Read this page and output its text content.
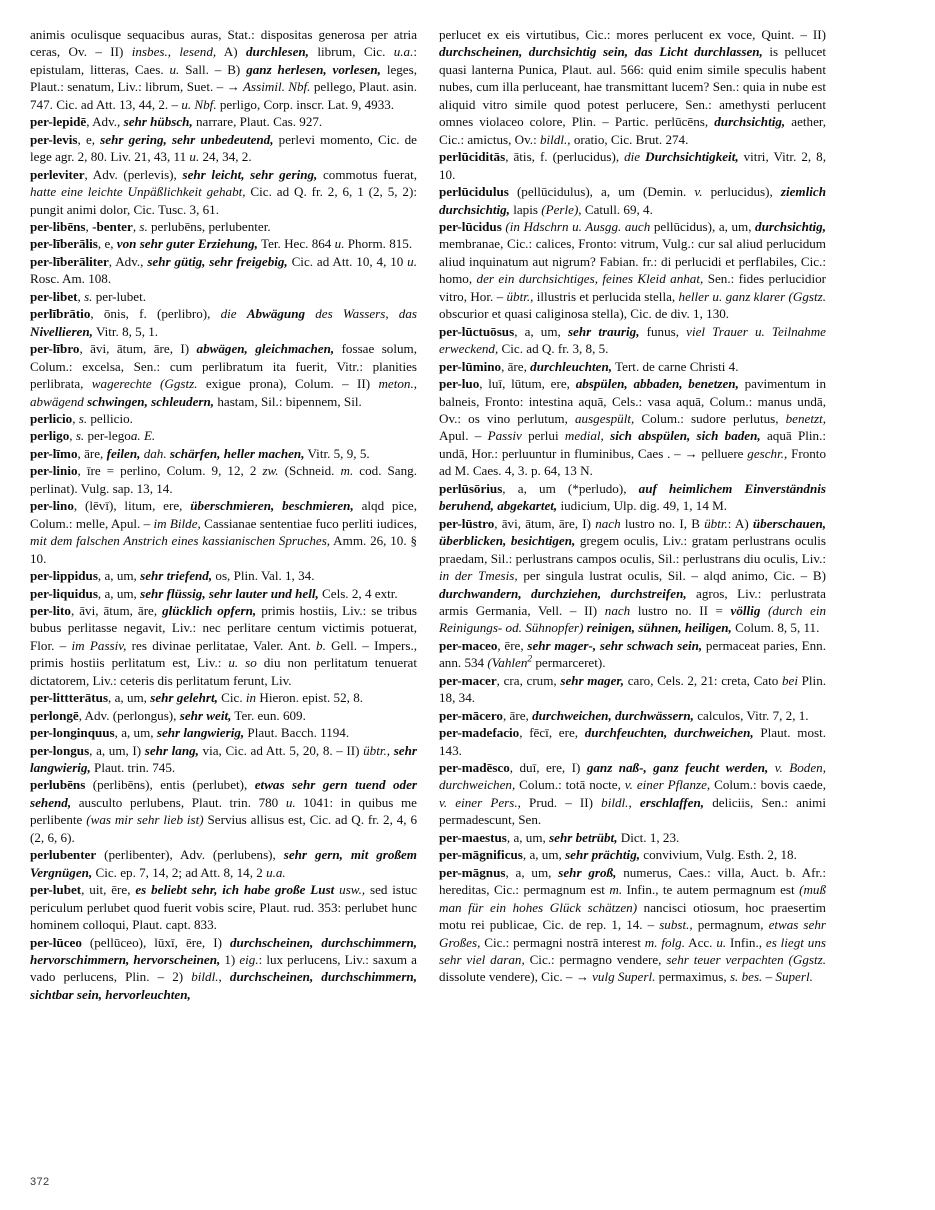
animis oculisque sequacibus auras, Stat.: dispositas generosa per atria ceras, Ov. – II) insbes., lesend, A) durchlesen, librum, Cic. u.a.: epistulam, litteras, Caes. u. Sall. – B) ganz herlesen, vorlesen, leges, Plaut.: senatum, Liv.: librum, Suet. – → Assimil. Nbf. pellego, Plaut. asin. 747. Cic. ad Att. 13, 44, 2. – u. Nbf. perligo, Corp. inscr. Lat. 9, 4933.

per-lepidē, Adv., sehr hübsch, narrare, Plaut. Cas. 927.

per-levis, e, sehr gering, sehr unbedeutend, perlevi momento, Cic. de lege agr. 2, 80. Liv. 21, 43, 11 u. 24, 34, 2.

perleviter, Adv. (perlevis), sehr leicht, sehr gering, commotus fuerat, hatte eine leichte Unpäßlichkeit gehabt, Cic. ad Q. fr. 2, 6, 1 (2, 5, 2): pungit animi dolor, Cic. Tusc. 3, 61.

per-libēns, -benter, s. perlubēns, perlubenter.

per-līberālis, e, von sehr guter Erziehung, Ter. Hec. 864 u. Phorm. 815.

per-līberāliter, Adv., sehr gütig, sehr freigebig, Cic. ad Att. 10, 4, 10 u. Rosc. Am. 108.

per-libet, s. per-lubet.

perlībrātio, ōnis, f. (perlibro), die Abwägung des Wassers, das Nivellieren, Vitr. 8, 5, 1.

per-lībro, āvi, ātum, āre, I) abwägen, gleichmachen, fossae solum, Colum.: excelsa, Sen.: cum perlibratum ita fuerit, Vitr.: planities perlibrata, wagerechte (Ggstz. exigue prona), Colum. – II) meton., abwägend schwingen, schleudern, hastam, Sil.: bipennem, Sil.

perlicio, s. pellicio.

perligo, s. per-legoa. E.

per-līmo, āre, feilen, dah. schärfen, heller machen, Vitr. 5, 9, 5.

per-linio, īre = perlino, Colum. 9, 12, 2 zw. (Schneid. m. cod. Sang. perlinat). Vulg. sap. 13, 14.

per-lino, (lēvī), litum, ere, überschmieren, beschmieren, alqd pice, Colum.: melle, Apul. – im Bilde, Cassianae sententiae fuco perliti iudices, mit dem falschen Anstrich eines kassianischen Spruches, Amm. 26, 10. § 10.

per-lippidus, a, um, sehr triefend, os, Plin. Val. 1, 34.

per-liquidus, a, um, sehr flüssig, sehr lauter und hell, Cels. 2, 4 extr.

per-lito, āvi, ātum, āre, glücklich opfern, primis hostiis, Liv.: se tribus bubus perlitasse negavit, Liv.: nec perlitare centum victimis potuerat, Flor. – im Passiv, res divinae perlitatae, Valer. Ant. b. Gell. – Impers., primis hostiis perlitatum est, Liv.: u. so diu non perlitatum tenuerat dictatorem, Liv.: ceteris dis perlitatum ferunt, Liv.

per-littterātus, a, um, sehr gelehrt, Cic. in Hieron. epist. 52, 8.

perlongē, Adv. (perlongus), sehr weit, Ter. eun. 609.

per-longinquus, a, um, sehr langwierig, Plaut. Bacch. 1194.

per-longus, a, um, I) sehr lang, via, Cic. ad Att. 5, 20, 8. – II) übtr., sehr langwierig, Plaut. trin. 745.

perlubēns (perlibēns), entis (perlubet), etwas sehr gern tuend oder sehend, ausculto perlubens, Plaut. trin. 780 u. 1041: in quibus me perlibente (was mir sehr lieb ist) Servius allisus est, Cic. ad Q. fr. 2, 4, 6 (2, 6, 6).

perlubenter (perlibenter), Adv. (perlubens), sehr gern, mit großem Vergnügen, Cic. ep. 7, 14, 2; ad Att. 8, 14, 2 u.a.

per-lubet, uit, ēre, es beliebt sehr, ich habe große Lust usw., sed istuc periculum perlubet quod fuerit vobis scire, Plaut. rud. 353: perlubet hunc hominem colloqui, Plaut. capt. 833.

per-lūceo (pellūceo), lūxī, ēre, I) durchscheinen, durchschimmern, hervorschimmern, hervorscheinen, 1) eig.: lux perlucens, Liv.: saxum a vado perlucens, Plin. – 2) bildl., durchscheinen, durchschimmern, sichtbar sein, hervorleuchten,

perlucet ex eis virtutibus, Cic.: mores perlucent ex voce, Quint. – II) durchscheinen, durchsichtig sein, das Licht durchlassen, is pellucet quasi lanterna Punica, Plaut. aul. 566: quid enim simile speculis habent nubes, cum illa perluceant, hae transmittant lucem? Sen.: quia in nube est aliquid vitro simile quod potest perlucere, Sen.: amethysti perlucent omnes violaceo colore, Plin. – Partic. perlūcēns, durchsichtig, aether, Cic.: amictus, Ov.: bildl., oratio, Cic. Brut. 274.

perlūciditās, ātis, f. (perlucidus), die Durchsichtigkeit, vitri, Vitr. 2, 8, 10.

perlūcidulus (pellūcidulus), a, um (Demin. v. perlucidus), ziemlich durchsichtig, lapis (Perle), Catull. 69, 4.

per-lūcidus (in Hdschrn u. Ausgg. auch pellūcidus), a, um, durchsichtig, membranae, Cic.: calices, Fronto: vitrum, Vulg.: cur sal aliud perlucidum aliud inquinatum aut nigrum? Fabian. fr.: di perlucidi et perflabiles, Cic.: homo, der ein durchsichtiges, feines Kleid anhat, Sen.: fides perlucidior vitro, Hor. – übtr., illustris et perlucida stella, heller u. ganz klarer (Ggstz. obscurior et quasi caliginosa stella), Cic. de div. 1, 130.

per-lūctuōsus, a, um, sehr traurig, funus, viel Trauer u. Teilnahme erweckend, Cic. ad Q. fr. 3, 8, 5.

per-lūmino, āre, durchleuchten, Tert. de carne Christi 4.

per-luo, luī, lūtum, ere, abspülen, abbaden, benetzen, pavimentum in balneis, Fronto: intestina aquā, Cels.: vasa aquā, Colum.: manus undā, Ov.: os vino perlutum, ausgespült, Colum.: sudore perlutus, benetzt, Apul. – Passiv perlui medial, sich abspülen, sich baden, aquā Plin.: undā, Hor.: perluuntur in fluminibus, Caes . – → pelluere geschr., Fronto ad M. Caes. 4, 3. p. 64, 13 N.

perlūsōrius, a, um (*perludo), auf heimlichem Einverständnis beruhend, abgekartet, iudicium, Ulp. dig. 49, 1, 14 M.

per-lūstro, āvi, ātum, āre, I) nach lustro no. I, B übtr.: A) überschauen, überblicken, besichtigen, gregem oculis, Liv.: gratam perlustrans oculis praedam, Sil.: perlustrans campos oculis, Sil.: perlustrans diu oculis, Liv.: in der Tmesis, per singula lustrat oculis, Sil. – alqd animo, Cic. – B) durchwandern, durchziehen, durchstreifen, agros, Liv.: perlustrata armis Germania, Vell. – II) nach lustro no. II = völlig (durch ein Reinigungs- od. Sühnopfer) reinigen, sühnen, heiligen, Colum. 8, 5, 11.

per-maceo, ēre, sehr mager-, sehr schwach sein, permaceat paries, Enn. ann. 534 (Vahlen$^2$ permarceret).

per-macer, cra, crum, sehr mager, caro, Cels. 2, 21: creta, Cato bei Plin. 18, 34.

per-mācero, āre, durchweichen, durchwässern, calculos, Vitr. 7, 2, 1.

per-madefacio, fēcī, ere, durchfeuchten, durchweichen, Plaut. most. 143.

per-madēsco, duī, ere, I) ganz naß-, ganz feucht werden, v. Boden, durchweichen, Colum.: totā nocte, v. einer Pflanze, Colum.: bovis caede, v. einer Pers., Prud. – II) bildl., erschlaffen, deliciis, Sen.: animi permadescunt, Sen.

per-maestus, a, um, sehr betrübt, Dict. 1, 23.

per-māgnificus, a, um, sehr prächtig, convivium, Vulg. Esth. 2, 18.

per-māgnus, a, um, sehr groß, numerus, Caes.: villa, Auct. b. Afr.: hereditas, Cic.: permagnum est m. Infin., te autem permagnum est (muß man für ein hohes Glück schätzen) nancisci otiosum, hoc praesertim motu rei publicae, Cic. de rep. 1, 14. – subst., permagnum, etwas sehr Großes, Cic.: permagni nostrā interest m. folg. Acc. u. Infin., es liegt uns sehr viel daran, Cic.: permagno vendere, sehr teuer verpachten (Ggstz. dissolute vendere), Cic. – → vulg Superl. permaximus, s. bes. – Superl.

372
